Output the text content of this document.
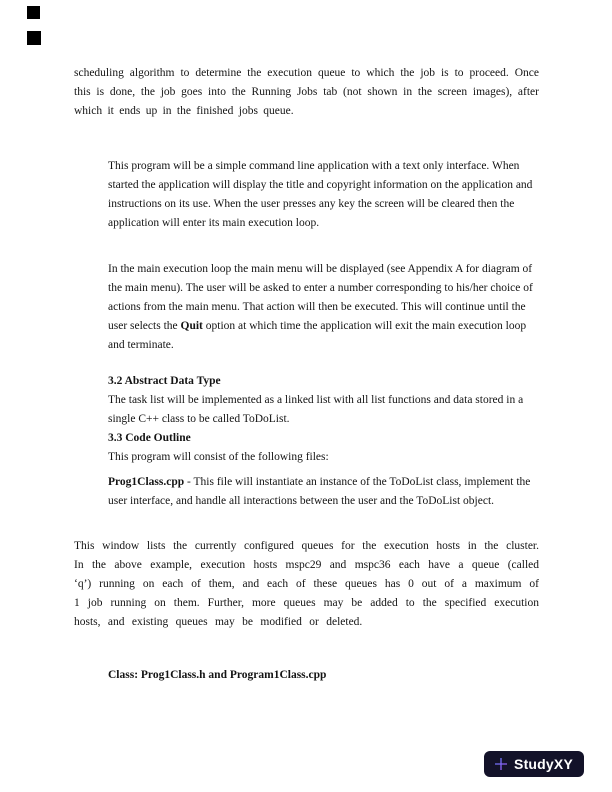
scheduling algorithm to determine the execution queue to which the job is to proceed. Once this is done, the job goes into the Running Jobs tab (not shown in the screen images), after which it ends up in the finished jobs queue.

This program will be a simple command line application with a text only interface. When started the application will display the title and copyright information on the application and instructions on its use. When the user presses any key the screen will be cleared then the application will enter its main execution loop.

In the main execution loop the main menu will be displayed (see Appendix A for diagram of the main menu). The user will be asked to enter a number corresponding to his/her choice of actions from the main menu. That action will then be executed. This will continue until the user selects the Quit option at which time the application will exit the main execution loop and terminate.

3.2 Abstract Data Type

The task list will be implemented as a linked list with all list functions and data stored in a single C++ class to be called ToDoList.

3.3 Code Outline

This program will consist of the following files:

Prog1Class.cpp - This file will instantiate an instance of the ToDoList class, implement the user interface, and handle all interactions between the user and the ToDoList object.

This window lists the currently configured queues for the execution hosts in the cluster. In the above example, execution hosts mspc29 and mspc36 each have a queue (called ‘q’) running on each of them, and each of these queues has 0 out of a maximum of 1 job running on them. Further, more queues may be added to the specified execution hosts, and existing queues may be modified or deleted.

Class: Prog1Class.h and Program1Class.cpp

StudyXY
